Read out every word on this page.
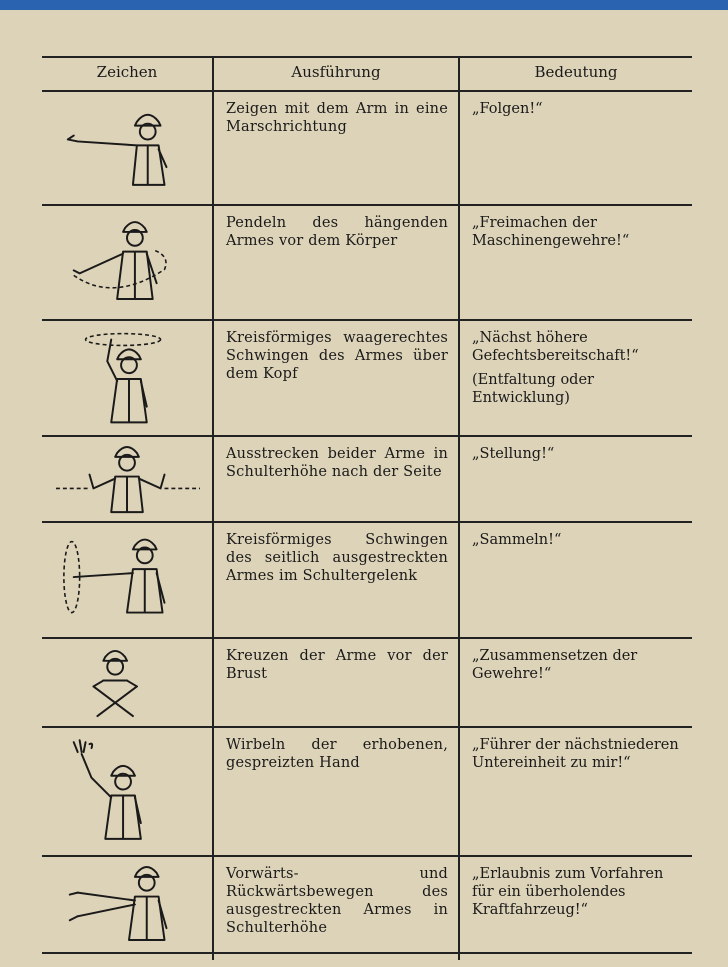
Zeichen	Ausführung	Bedeutung
Zeigen mit dem Arm in eine Marschrichtung
„Folgen!“
Pendeln des hängenden Armes vor dem Körper
„Freimachen der Maschinengewehre!“
Kreisförmiges waagerechtes Schwingen des Armes über dem Kopf
„Nächst höhere Gefechtsbereitschaft!“
(Entfaltung oder Entwicklung)
Ausstrecken beider Arme in Schulterhöhe nach der Seite
„Stellung!“
Kreisförmiges Schwingen des seitlich ausgestreckten Armes im Schultergelenk
„Sammeln!“
Kreuzen der Arme vor der Brust
„Zusammensetzen der Gewehre!“
Wirbeln der erhobenen, gespreizten Hand
„Führer der nächstniederen Untereinheit zu mir!“
Vorwärts- und Rückwärtsbewegen des ausgestreckten Armes in Schulterhöhe
„Erlaubnis zum Vorfahren für ein überholendes Kraftfahrzeug!“
